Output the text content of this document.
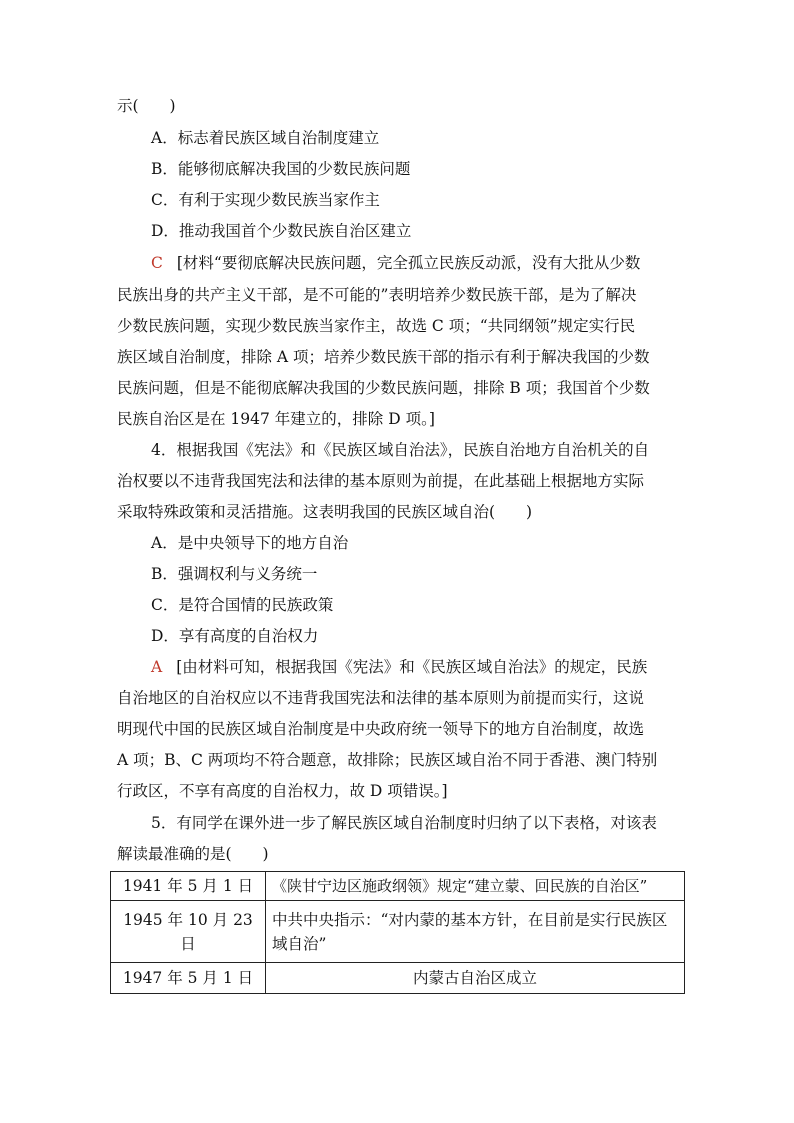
示(　　)
A．标志着民族区域自治制度建立
B．能够彻底解决我国的少数民族问题
C．有利于实现少数民族当家作主
D．推动我国首个少数民族自治区建立
C [材料“要彻底解决民族问题，完全孤立民族反动派，没有大批从少数
民族出身的共产主义干部，是不可能的”表明培养少数民族干部，是为了解决
少数民族问题，实现少数民族当家作主，故选 C 项；“共同纲领”规定实行民
族区域自治制度，排除 A 项；培养少数民族干部的指示有利于解决我国的少数
民族问题，但是不能彻底解决我国的少数民族问题，排除 B 项；我国首个少数
民族自治区是在 1947 年建立的，排除 D 项。]
4．根据我国《宪法》和《民族区域自治法》，民族自治地方自治机关的自
治权要以不违背我国宪法和法律的基本原则为前提，在此基础上根据地方实际
采取特殊政策和灵活措施。这表明我国的民族区域自治(　　)
A．是中央领导下的地方自治
B．强调权利与义务统一
C．是符合国情的民族政策
D．享有高度的自治权力
A [由材料可知，根据我国《宪法》和《民族区域自治法》的规定，民族
自治地区的自治权应以不违背我国宪法和法律的基本原则为前提而实行，这说
明现代中国的民族区域自治制度是中央政府统一领导下的地方自治制度，故选
A 项；B、C 两项均不符合题意，故排除；民族区域自治不同于香港、澳门特别
行政区，不享有高度的自治权力，故 D 项错误。]
5．有同学在课外进一步了解民族区域自治制度时归纳了以下表格，对该表
解读最准确的是(　　)
1941 年 5 月 1 日	《陕甘宁边区施政纲领》规定“建立蒙、回民族的自治区”
1945 年 10 月 23 日	中共中央指示：“对内蒙的基本方针，在目前是实行民族区域自治”
1947 年 5 月 1 日	内蒙古自治区成立
